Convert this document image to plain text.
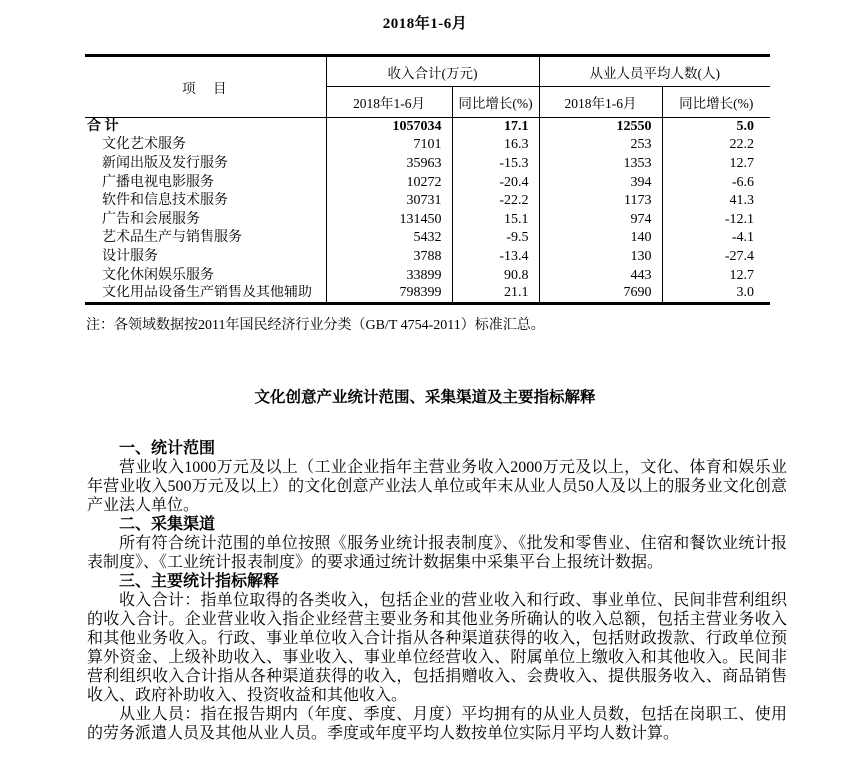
2018年1-6月
项　目	收入合计(万元)		从业人员平均人数(人)	
	2018年1-6月	同比增长(%)	2018年1-6月	同比增长(%)
合 计	1057034	17.1	12550	5.0
文化艺术服务	7101	16.3	253	22.2
新闻出版及发行服务	35963	-15.3	1353	12.7
广播电视电影服务	10272	-20.4	394	-6.6
软件和信息技术服务	30731	-22.2	1173	41.3
广告和会展服务	131450	15.1	974	-12.1
艺术品生产与销售服务	5432	-9.5	140	-4.1
设计服务	3788	-13.4	130	-27.4
文化休闲娱乐服务	33899	90.8	443	12.7
文化用品设备生产销售及其他辅助	798399	21.1	7690	3.0
注：各领域数据按2011年国民经济行业分类（GB/T 4754-2011）标准汇总。
文化创意产业统计范围、采集渠道及主要指标解释
一、统计范围
营业收入1000万元及以上（工业企业指年主营业务收入2000万元及以上，文化、体育和娱乐业年营业收入500万元及以上）的文化创意产业法人单位或年末从业人员50人及以上的服务业文化创意产业法人单位。
二、采集渠道
所有符合统计范围的单位按照《服务业统计报表制度》、《批发和零售业、住宿和餐饮业统计报表制度》、《工业统计报表制度》的要求通过统计数据集中采集平台上报统计数据。
三、主要统计指标解释
收入合计：指单位取得的各类收入，包括企业的营业收入和行政、事业单位、民间非营利组织的收入合计。企业营业收入指企业经营主要业务和其他业务所确认的收入总额，包括主营业务收入和其他业务收入。行政、事业单位收入合计指从各种渠道获得的收入，包括财政拨款、行政单位预算外资金、上级补助收入、事业收入、事业单位经营收入、附属单位上缴收入和其他收入。民间非营利组织收入合计指从各种渠道获得的收入，包括捐赠收入、会费收入、提供服务收入、商品销售收入、政府补助收入、投资收益和其他收入。
从业人员：指在报告期内（年度、季度、月度）平均拥有的从业人员数，包括在岗职工、使用的劳务派遣人员及其他从业人员。季度或年度平均人数按单位实际月平均人数计算。
